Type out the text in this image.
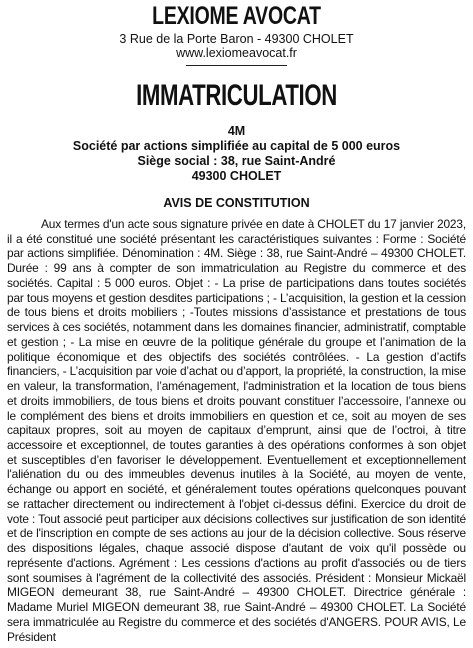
LEXIOME AVOCAT
3 Rue de la Porte Baron - 49300 CHOLET
www.lexiomeavocat.fr
IMMATRICULATION
4M
Société par actions simplifiée au capital de 5 000 euros
Siège social : 38, rue Saint-André
49300 CHOLET
AVIS DE CONSTITUTION
Aux termes d'un acte sous signature privée en date à CHOLET du 17 janvier 2023, il a été constitué une société présentant les caractéristiques suivantes : Forme : Société par actions simplifiée. Dénomination : 4M. Siège : 38, rue Saint-André – 49300 CHOLET. Durée : 99 ans à compter de son immatriculation au Registre du commerce et des sociétés. Capital : 5 000 euros. Objet : - La prise de participations dans toutes sociétés par tous moyens et gestion desdites participations ; - L’acquisition, la gestion et la cession de tous biens et droits mobiliers ; -Toutes missions d’assistance et prestations de tous services à ces sociétés, notamment dans les domaines financier, administratif, comptable et gestion ; - La mise en œuvre de la politique générale du groupe et l’animation de la politique économique et des objectifs des sociétés contrôlées. - La gestion d’actifs financiers, - L’acquisition par voie d’achat ou d’apport, la propriété, la construction, la mise en valeur, la transformation, l’aménagement, l'administration et la location de tous biens et droits immobiliers, de tous biens et droits pouvant constituer l’accessoire, l’annexe ou le complément des biens et droits immobiliers en question et ce, soit au moyen de ses capitaux propres, soit au moyen de capitaux d’emprunt, ainsi que de l’octroi, à titre accessoire et exceptionnel, de toutes garanties à des opérations conformes à son objet et susceptibles d’en favoriser le développement. Eventuellement et exceptionnellement l'aliénation du ou des immeubles devenus inutiles à la Société, au moyen de vente, échange ou apport en société, et généralement toutes opérations quelconques pouvant se rattacher directement ou indirectement à l'objet ci-dessus défini. Exercice du droit de vote : Tout associé peut participer aux décisions collectives sur justification de son identité et de l'inscription en compte de ses actions au jour de la décision collective. Sous réserve des dispositions légales, chaque associé dispose d'autant de voix qu'il possède ou représente d'actions. Agrément : Les cessions d'actions au profit d'associés ou de tiers sont soumises à l'agrément de la collectivité des associés. Président : Monsieur Mickaël MIGEON demeurant 38, rue Saint-André – 49300 CHOLET. Directrice générale : Madame Muriel MIGEON demeurant 38, rue Saint-André – 49300 CHOLET. La Société sera immatriculée au Registre du commerce et des sociétés d'ANGERS. POUR AVIS, Le Président
